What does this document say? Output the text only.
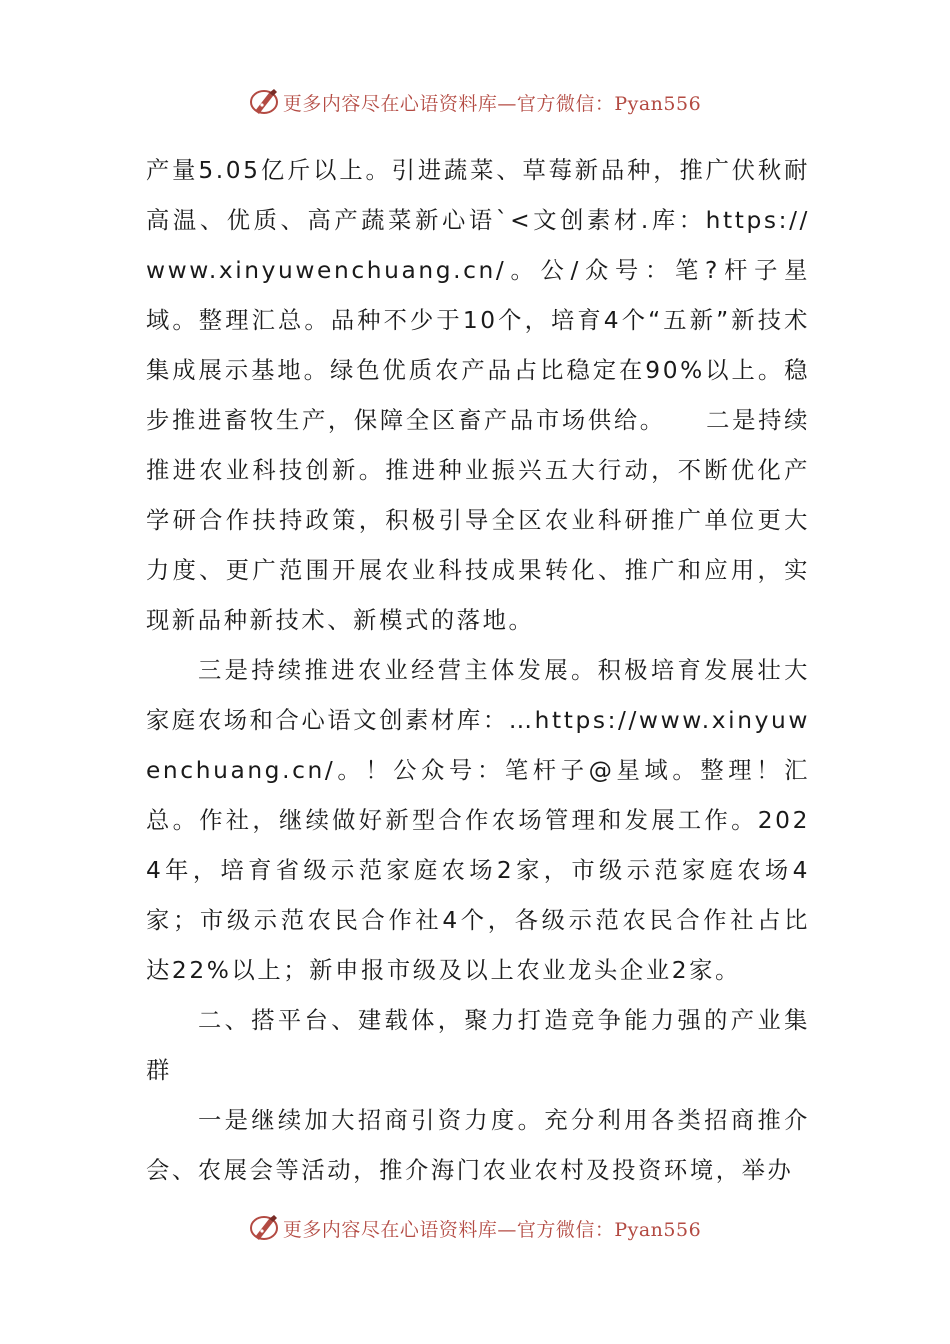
更多内容尽在心语资料库—官方微信：Pyan556

产量5.05亿斤以上。引进蔬菜、草莓新品种，推广伏秋耐高温、优质、高产蔬菜新心语`<文创素材.库：https://www.xinyuwenchuang.cn/。公/众号：笔?杆子星域。整理汇总。品种不少于10个，培育4个“五新”新技术集成展示基地。绿色优质农产品占比稳定在90%以上。稳步推进畜牧生产，保障全区畜产品市场供给。　　二是持续推进农业科技创新。推进种业振兴五大行动，不断优化产学研合作扶持政策，积极引导全区农业科研推广单位更大力度、更广范围开展农业科技成果转化、推广和应用，实现新品种新技术、新模式的落地。

三是持续推进农业经营主体发展。积极培育发展壮大家庭农场和合心语文创素材库：…https://www.xinyuwenchuang.cn/。！公众号：笔杆子@星域。整理！汇总。作社，继续做好新型合作农场管理和发展工作。2024年，培育省级示范家庭农场2家，市级示范家庭农场4家；市级示范农民合作社4个，各级示范农民合作社占比达22%以上；新申报市级及以上农业龙头企业2家。

二、搭平台、建载体，聚力打造竞争能力强的产业集群

一是继续加大招商引资力度。充分利用各类招商推介会、农展会等活动，推介海门农业农村及投资环境，举办

更多内容尽在心语资料库—官方微信：Pyan556
